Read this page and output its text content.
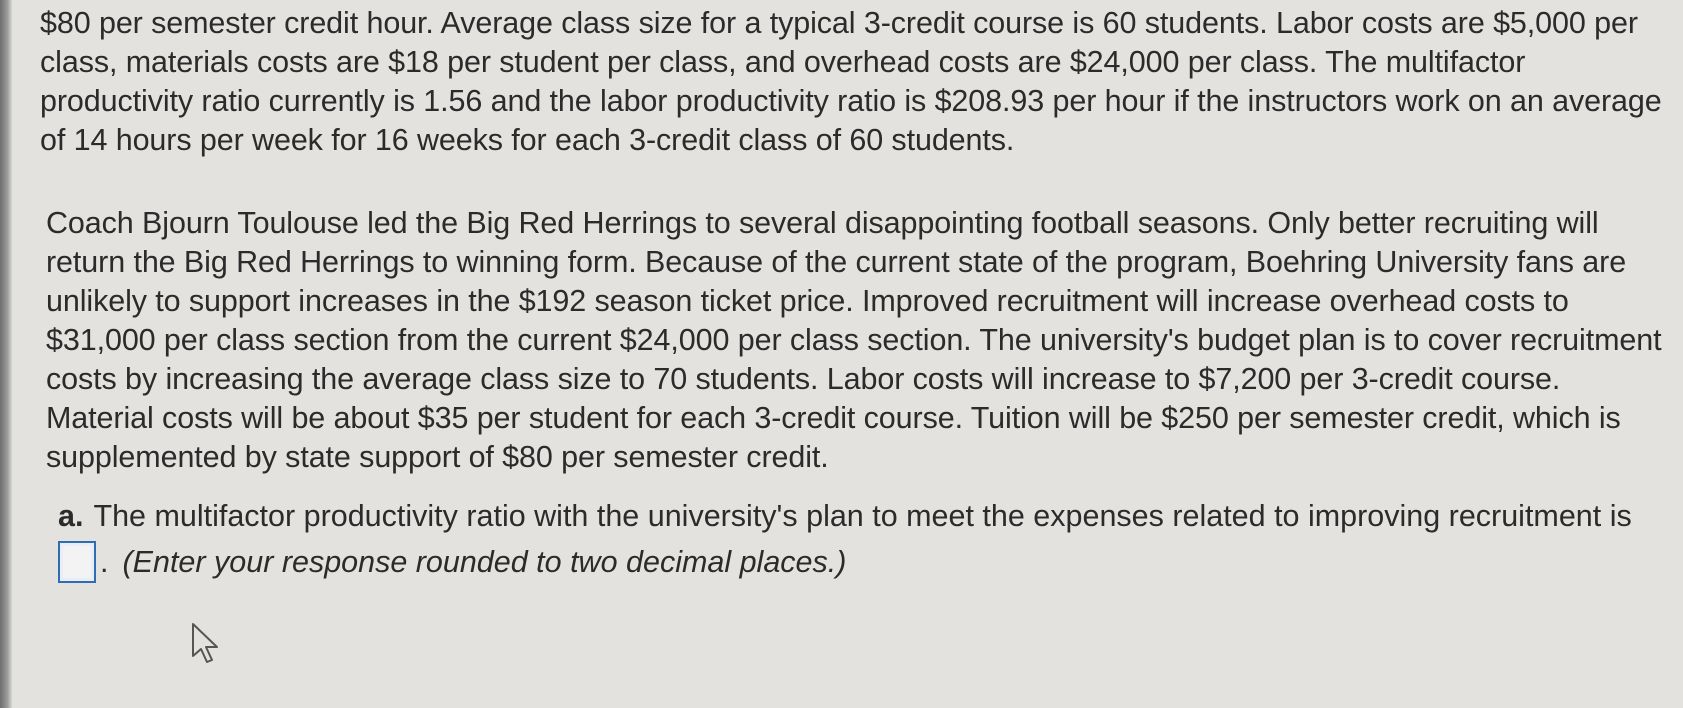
$80 per semester credit hour. Average class size for a typical 3-credit course is 60 students. Labor costs are $5,000 per class, materials costs are $18 per student per class, and overhead costs are $24,000 per class. The multifactor productivity ratio currently is 1.56 and the labor productivity ratio is $208.93 per hour if the instructors work on an average of 14 hours per week for 16 weeks for each 3-credit class of 60 students.
Coach Bjourn Toulouse led the Big Red Herrings to several disappointing football seasons. Only better recruiting will return the Big Red Herrings to winning form. Because of the current state of the program, Boehring University fans are unlikely to support increases in the $192 season ticket price. Improved recruitment will increase overhead costs to $31,000 per class section from the current $24,000 per class section. The university's budget plan is to cover recruitment costs by increasing the average class size to 70 students. Labor costs will increase to $7,200 per 3-credit course. Material costs will be about $35 per student for each 3-credit course. Tuition will be $250 per semester credit, which is supplemented by state support of $80 per semester credit.
a. The multifactor productivity ratio with the university's plan to meet the expenses related to improving recruitment is
. (Enter your response rounded to two decimal places.)
